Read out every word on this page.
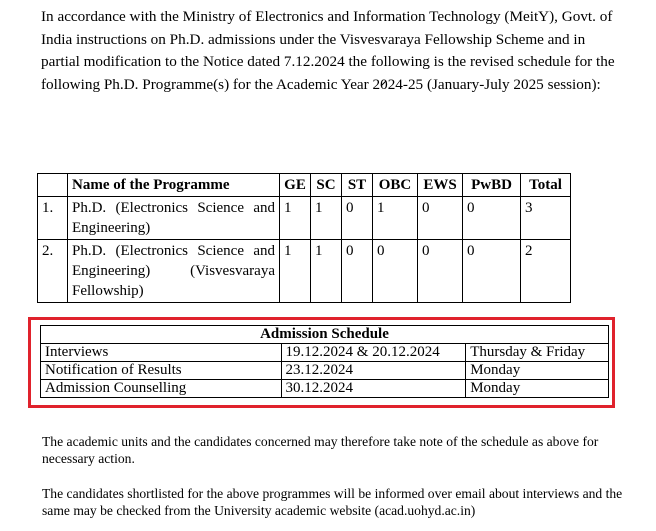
In accordance with the Ministry of Electronics and Information Technology (MeitY), Govt. of India instructions on Ph.D. admissions under the Visvesvaraya Fellowship Scheme and in partial modification to the Notice dated 7.12.2024 the following is the revised schedule for the following Ph.D. Programme(s) for the Academic Year 2024-25 (January-July 2025 session):

	Name of the Programme	GE	SC	ST	OBC	EWS	PwBD	Total
1.	Ph.D. (Electronics Science and Engineering)	1	1	0	1	0	0	3
2.	Ph.D. (Electronics Science and Engineering) (Visvesvaraya Fellowship)	1	1	0	0	0	0	2
Admission Schedule		
Interviews	19.12.2024 & 20.12.2024	Thursday & Friday
Notification of Results	23.12.2024	Monday
Admission Counselling	30.12.2024	Monday

The academic units and the candidates concerned may therefore take note of the schedule as above for necessary action.

The candidates shortlisted for the above programmes will be informed over email about interviews and the same may be checked from the University academic website (acad.uohyd.ac.in)
